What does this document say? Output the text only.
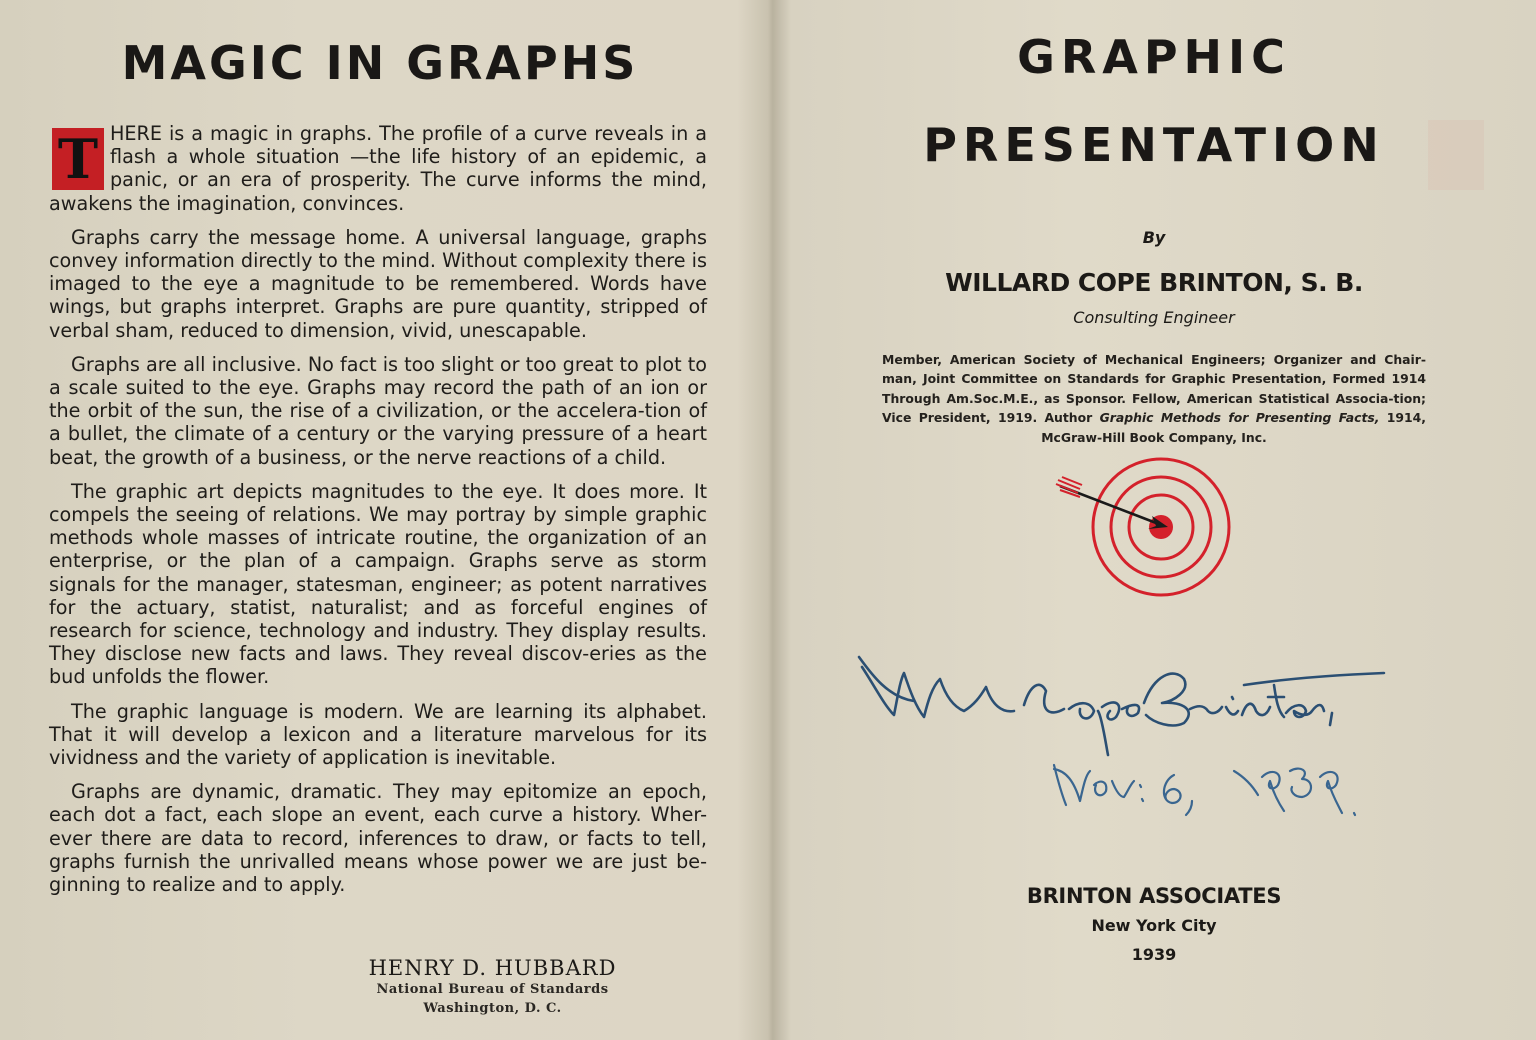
MAGIC IN GRAPHS

T HERE is a magic in graphs. The profile of a curve reveals in a flash a whole situation —the life history of an epidemic, a panic, or an era of prosperity. The curve informs the mind, awakens the imagination, convinces.

Graphs carry the message home. A universal language, graphs convey information directly to the mind. Without complexity there is imaged to the eye a magnitude to be remembered. Words have wings, but graphs interpret. Graphs are pure quantity, stripped of verbal sham, reduced to dimension, vivid, unescapable.

Graphs are all inclusive. No fact is too slight or too great to plot to a scale suited to the eye. Graphs may record the path of an ion or the orbit of the sun, the rise of a civilization, or the accelera-tion of a bullet, the climate of a century or the varying pressure of a heart beat, the growth of a business, or the nerve reactions of a child.

The graphic art depicts magnitudes to the eye. It does more. It compels the seeing of relations. We may portray by simple graphic methods whole masses of intricate routine, the organization of an enterprise, or the plan of a campaign. Graphs serve as storm signals for the manager, statesman, engineer; as potent narratives for the actuary, statist, naturalist; and as forceful engines of research for science, technology and industry. They display results. They disclose new facts and laws. They reveal discov-eries as the bud unfolds the flower.

The graphic language is modern. We are learning its alphabet. That it will develop a lexicon and a literature marvelous for its vividness and the variety of application is inevitable.

Graphs are dynamic, dramatic. They may epitomize an epoch, each dot a fact, each slope an event, each curve a history. Wher-ever there are data to record, inferences to draw, or facts to tell, graphs furnish the unrivalled means whose power we are just be-ginning to realize and to apply.

HENRY D. HUBBARD
National Bureau of Standards
Washington, D. C.
GRAPHIC
PRESENTATION
By
WILLARD COPE BRINTON, S. B.
Consulting Engineer
Member, American Society of Mechanical Engineers; Organizer and Chair-man, Joint Committee on Standards for Graphic Presentation, Formed 1914 Through Am.Soc.M.E., as Sponsor. Fellow, American Statistical Associa-tion; Vice President, 1919. Author Graphic Methods for Presenting Facts, 1914, McGraw-Hill Book Company, Inc.
BRINTON ASSOCIATES
New York City
1939
